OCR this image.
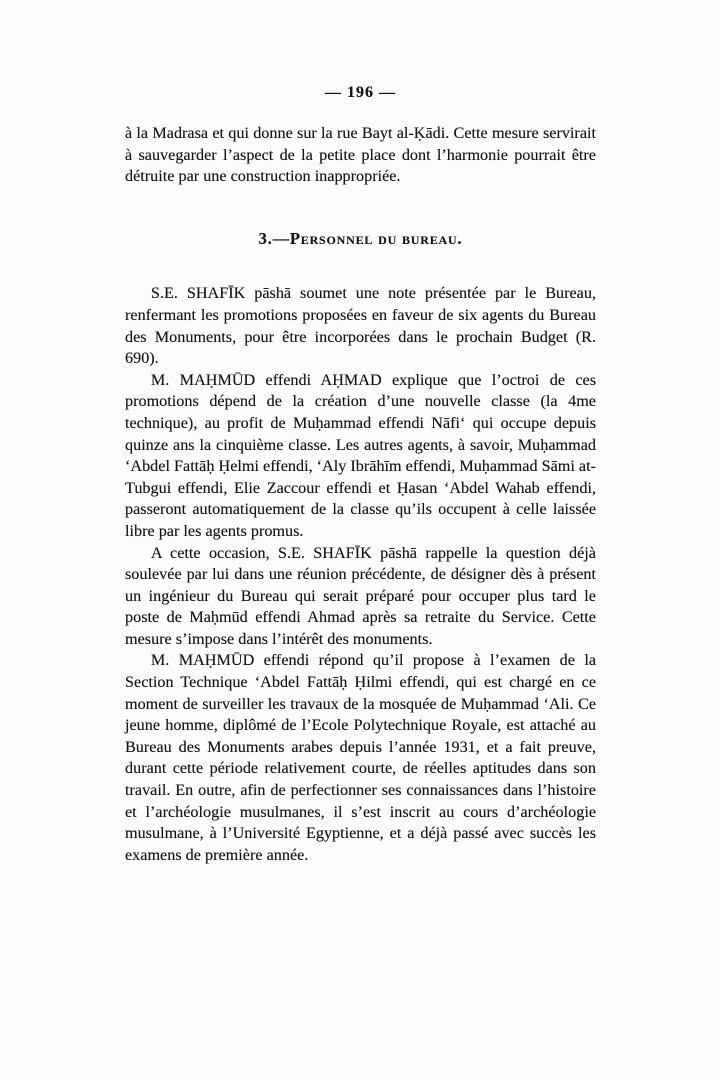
— 196 —

à la Madrasa et qui donne sur la rue Bayt al-Ḳādi. Cette mesure servirait à sauvegarder l’aspect de la petite place dont l’harmonie pourrait être détruite par une construction inappropriée.

3.—Personnel du bureau.

S.E. SHAFĪK pāshā soumet une note présentée par le Bureau, renfermant les promotions proposées en faveur de six agents du Bureau des Monuments, pour être incorporées dans le prochain Budget (R. 690).

M. MAḤMŪD effendi AḤMAD explique que l’octroi de ces promotions dépend de la création d’une nouvelle classe (la 4me technique), au profit de Muḥammad effendi Nāfi‘ qui occupe depuis quinze ans la cinquième classe. Les autres agents, à savoir, Muḥammad ‘Abdel Fattāḥ Ḥelmi effendi, ‘Aly Ibrāhīm effendi, Muḥammad Sāmi at-Tubgui effendi, Elie Zaccour effendi et Ḥasan ‘Abdel Wahab effendi, passeront automatiquement de la classe qu’ils occupent à celle laissée libre par les agents promus.

A cette occasion, S.E. SHAFĪK pāshā rappelle la question déjà soulevée par lui dans une réunion précédente, de désigner dès à présent un ingénieur du Bureau qui serait préparé pour occuper plus tard le poste de Maḥmūd effendi Ahmad après sa retraite du Service. Cette mesure s’impose dans l’intérêt des monuments.

M. MAḤMŪD effendi répond qu’il propose à l’examen de la Section Technique ‘Abdel Fattāḥ Ḥilmi effendi, qui est chargé en ce moment de surveiller les travaux de la mosquée de Muḥammad ‘Ali. Ce jeune homme, diplômé de l’Ecole Polytechnique Royale, est attaché au Bureau des Monuments arabes depuis l’année 1931, et a fait preuve, durant cette période relativement courte, de réelles aptitudes dans son travail. En outre, afin de perfectionner ses connaissances dans l’histoire et l’archéologie musulmanes, il s’est inscrit au cours d’archéologie musulmane, à l’Université Egyptienne, et a déjà passé avec succès les examens de première année.
